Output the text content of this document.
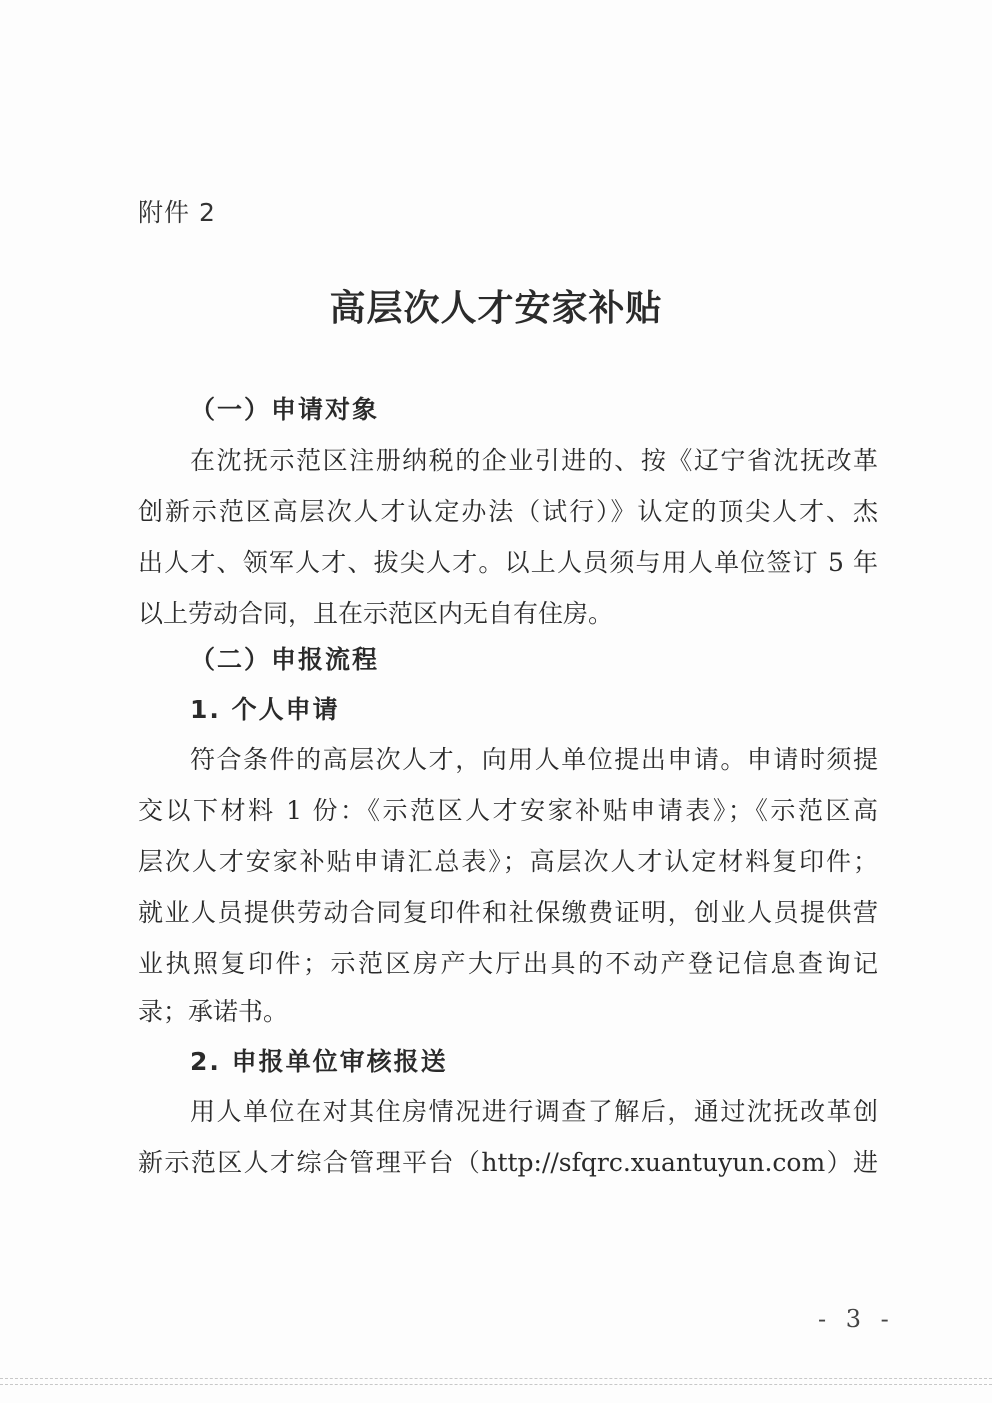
附件 2
高层次人才安家补贴
（一）申请对象
在沈抚示范区注册纳税的企业引进的、按《辽宁省沈抚改革
创新示范区高层次人才认定办法（试行）》认定的顶尖人才、杰
出人才、领军人才、拔尖人才。以上人员须与用人单位签订 5 年
以上劳动合同，且在示范区内无自有住房。
（二）申报流程
1. 个人申请
符合条件的高层次人才，向用人单位提出申请。申请时须提
交以下材料 1 份：《示范区人才安家补贴申请表》；《示范区高
层次人才安家补贴申请汇总表》；高层次人才认定材料复印件；
就业人员提供劳动合同复印件和社保缴费证明，创业人员提供营
业执照复印件；示范区房产大厅出具的不动产登记信息查询记
录；承诺书。
2. 申报单位审核报送
用人单位在对其住房情况进行调查了解后，通过沈抚改革创
新示范区人才综合管理平台（http://sfqrc.xuantuyun.com）进
- 3 -
